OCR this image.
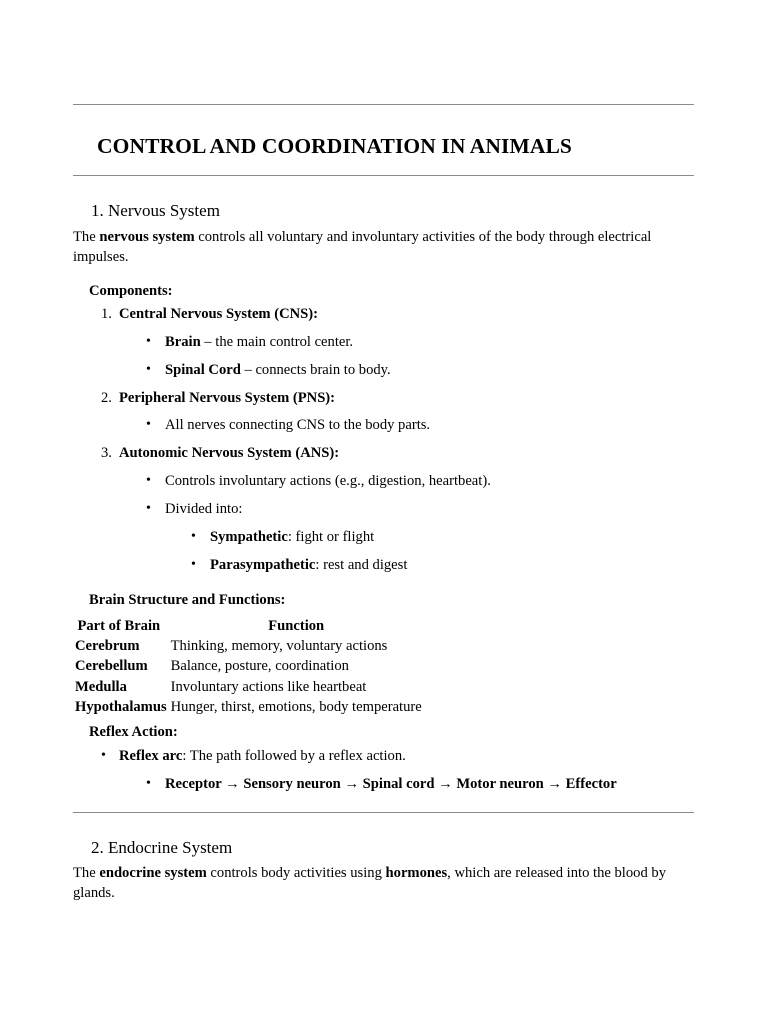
CONTROL AND COORDINATION IN ANIMALS
1. Nervous System
The nervous system controls all voluntary and involuntary activities of the body through electrical impulses.
Components:
1. Central Nervous System (CNS):
• Brain – the main control center.
• Spinal Cord – connects brain to body.
2. Peripheral Nervous System (PNS):
• All nerves connecting CNS to the body parts.
3. Autonomic Nervous System (ANS):
• Controls involuntary actions (e.g., digestion, heartbeat).
• Divided into:
• Sympathetic: fight or flight
• Parasympathetic: rest and digest
Brain Structure and Functions:
Part of Brain	Function
Cerebrum	Thinking, memory, voluntary actions
Cerebellum	Balance, posture, coordination
Medulla	Involuntary actions like heartbeat
Hypothalamus	Hunger, thirst, emotions, body temperature
Reflex Action:
• Reflex arc: The path followed by a reflex action.
• Receptor → Sensory neuron → Spinal cord → Motor neuron → Effector
2. Endocrine System
The endocrine system controls body activities using hormones, which are released into the blood by glands.
